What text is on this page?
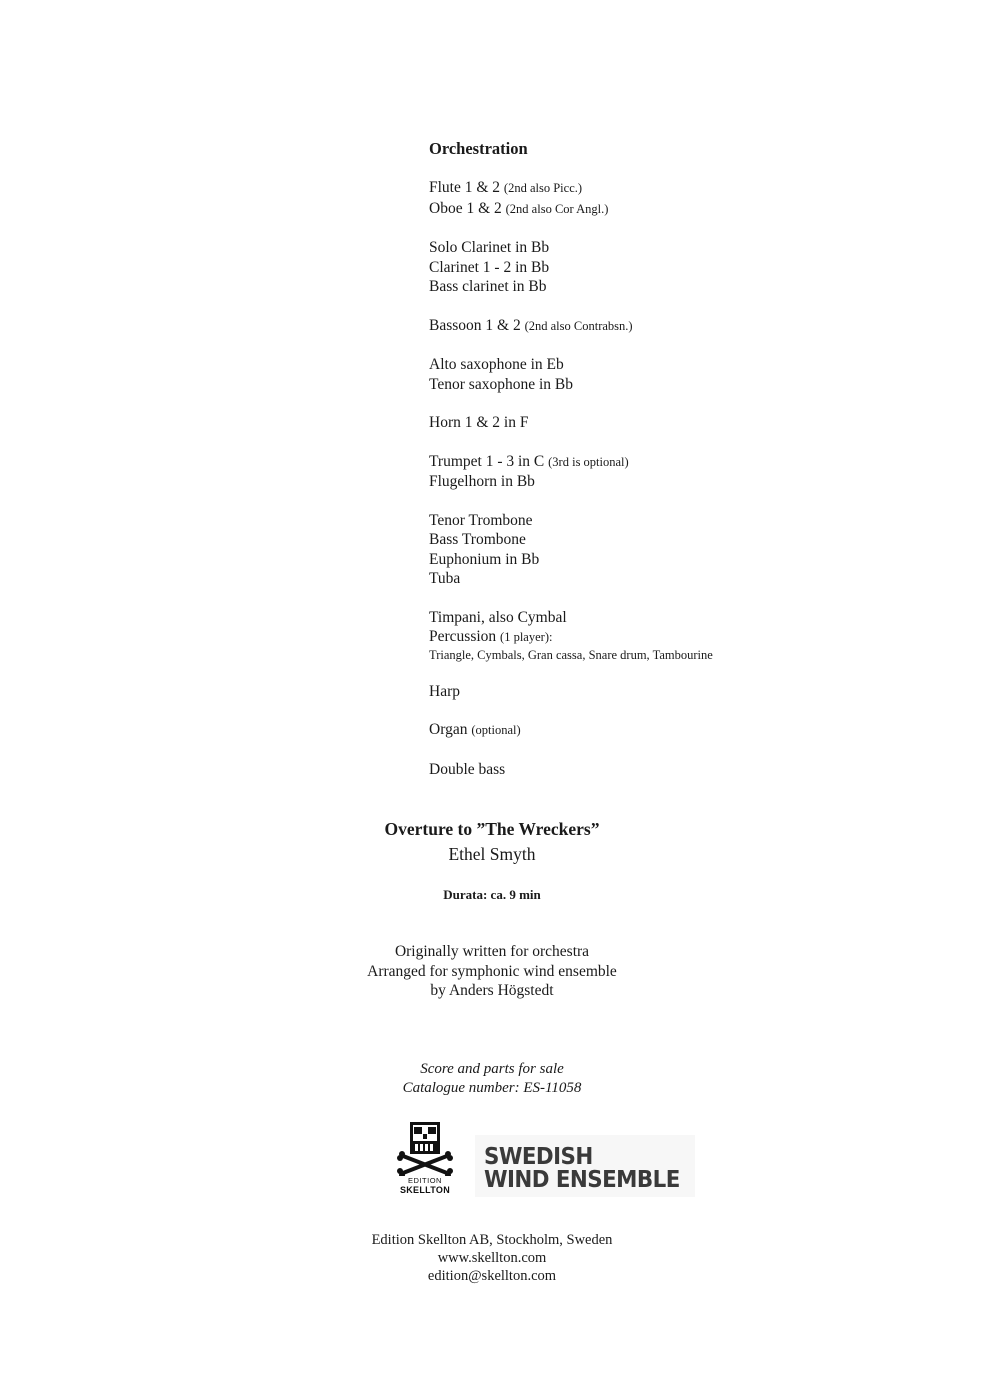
Orchestration
Flute 1 & 2 (2nd also Picc.)
Oboe 1 & 2 (2nd also Cor Angl.)
Solo Clarinet in Bb
Clarinet 1 - 2 in Bb
Bass clarinet in Bb
Bassoon 1 & 2 (2nd also Contrabsn.)
Alto saxophone in Eb
Tenor saxophone in Bb
Horn 1 & 2 in F
Trumpet 1 - 3 in C (3rd is optional)
Flugelhorn in Bb
Tenor Trombone
Bass Trombone
Euphonium in Bb
Tuba
Timpani, also Cymbal
Percussion (1 player):
Triangle, Cymbals, Gran cassa, Snare drum, Tambourine
Harp
Organ (optional)
Double bass
Overture to ”The Wreckers”
Ethel Smyth
Durata: ca. 9 min
Originally written for orchestra
Arranged for symphonic wind ensemble
by Anders Högstedt
Score and parts for sale
Catalogue number: ES-11058
EDITION
SKELLTON
SWEDISH
WIND ENSEMBLE
Edition Skellton AB, Stockholm, Sweden
www.skellton.com
edition@skellton.com
